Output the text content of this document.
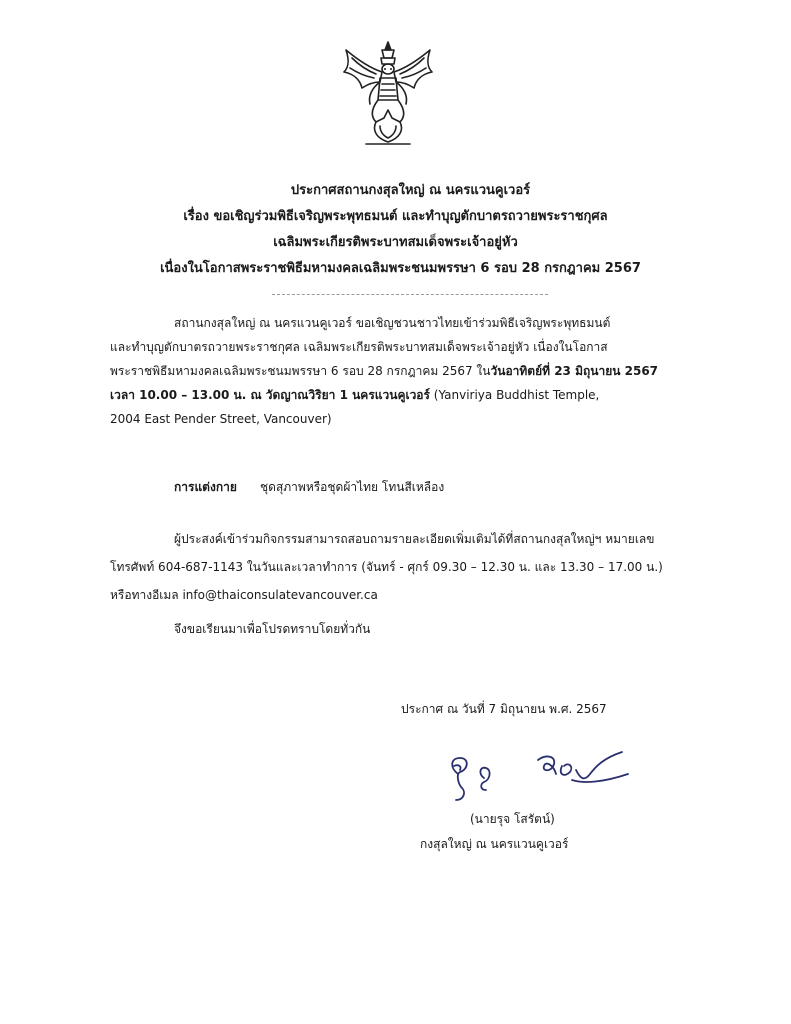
ประกาศสถานกงสุลใหญ่ ณ นครแวนคูเวอร์

เรื่อง ขอเชิญร่วมพิธีเจริญพระพุทธมนต์ และทำบุญตักบาตรถวายพระราชกุศล

เฉลิมพระเกียรติพระบาทสมเด็จพระเจ้าอยู่หัว

เนื่องในโอกาสพระราชพิธีมหามงคลเฉลิมพระชนมพรรษา 6 รอบ 28 กรกฎาคม 2567

สถานกงสุลใหญ่ ณ นครแวนคูเวอร์ ขอเชิญชวนชาวไทยเข้าร่วมพิธีเจริญพระพุทธมนต์

และทำบุญตักบาตรถวายพระราชกุศล เฉลิมพระเกียรติพระบาทสมเด็จพระเจ้าอยู่หัว เนื่องในโอกาส

พระราชพิธีมหามงคลเฉลิมพระชนมพรรษา 6 รอบ 28 กรกฎาคม 2567 ในวันอาทิตย์ที่ 23 มิถุนายน 2567

เวลา 10.00 – 13.00 น. ณ วัดญาณวิริยา 1 นครแวนคูเวอร์ (Yanviriya Buddhist Temple,

2004 East Pender Street, Vancouver)

การแต่งกาย ชุดสุภาพหรือชุดผ้าไทย โทนสีเหลือง

ผู้ประสงค์เข้าร่วมกิจกรรมสามารถสอบถามรายละเอียดเพิ่มเติมได้ที่สถานกงสุลใหญ่ฯ หมายเลข

โทรศัพท์ 604-687-1143 ในวันและเวลาทำการ (จันทร์ - ศุกร์ 09.30 – 12.30 น. และ 13.30 – 17.00 น.)

หรือทางอีเมล info@thaiconsulatevancouver.ca

จึงขอเรียนมาเพื่อโปรดทราบโดยทั่วกัน
ประกาศ ณ วันที่ 7 มิถุนายน พ.ศ. 2567
(นายรุจ โสรัตน์)
กงสุลใหญ่ ณ นครแวนคูเวอร์
